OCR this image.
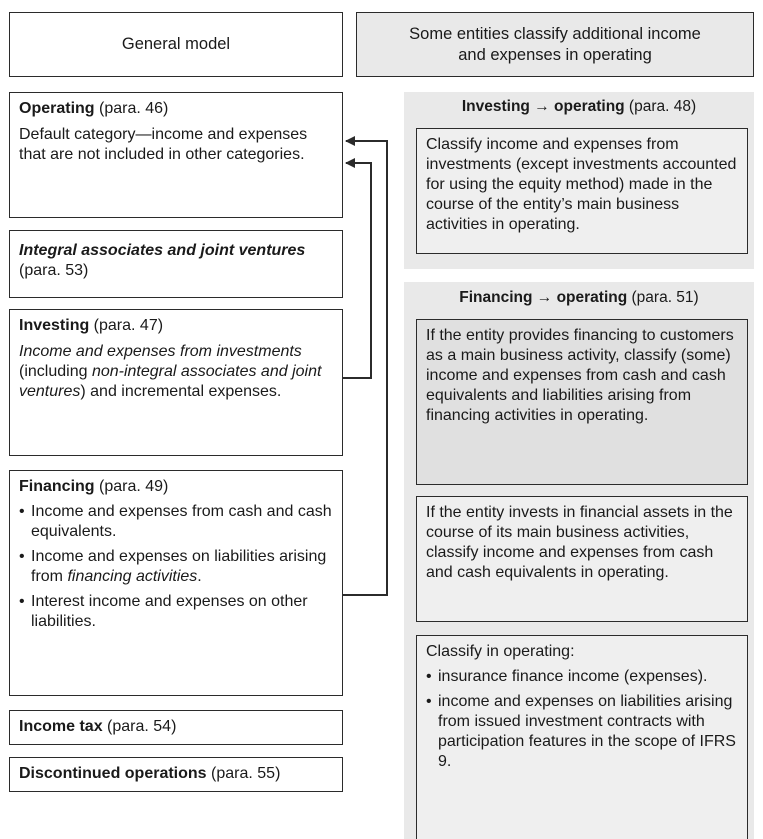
General model
Some entities classify additional income and expenses in operating
Operating (para. 46)
Default category—income and expenses that are not included in other categories.
Integral associates and joint ventures (para. 53)
Investing (para. 47)
Income and expenses from investments (including non-integral associates and joint ventures) and incremental expenses.
Financing (para. 49)
• Income and expenses from cash and cash equivalents.
• Income and expenses on liabilities arising from financing activities.
• Interest income and expenses on other liabilities.
Income tax (para. 54)
Discontinued operations (para. 55)
Investing → operating (para. 48)
Classify income and expenses from investments (except investments accounted for using the equity method) made in the course of the entity’s main business activities in operating.
Financing → operating (para. 51)
If the entity provides financing to customers as a main business activity, classify (some) income and expenses from cash and cash equivalents and liabilities arising from financing activities in operating.
If the entity invests in financial assets in the course of its main business activities, classify income and expenses from cash and cash equivalents in operating.
Classify in operating:
• insurance finance income (expenses).
• income and expenses on liabilities arising from issued investment contracts with participation features in the scope of IFRS 9.
